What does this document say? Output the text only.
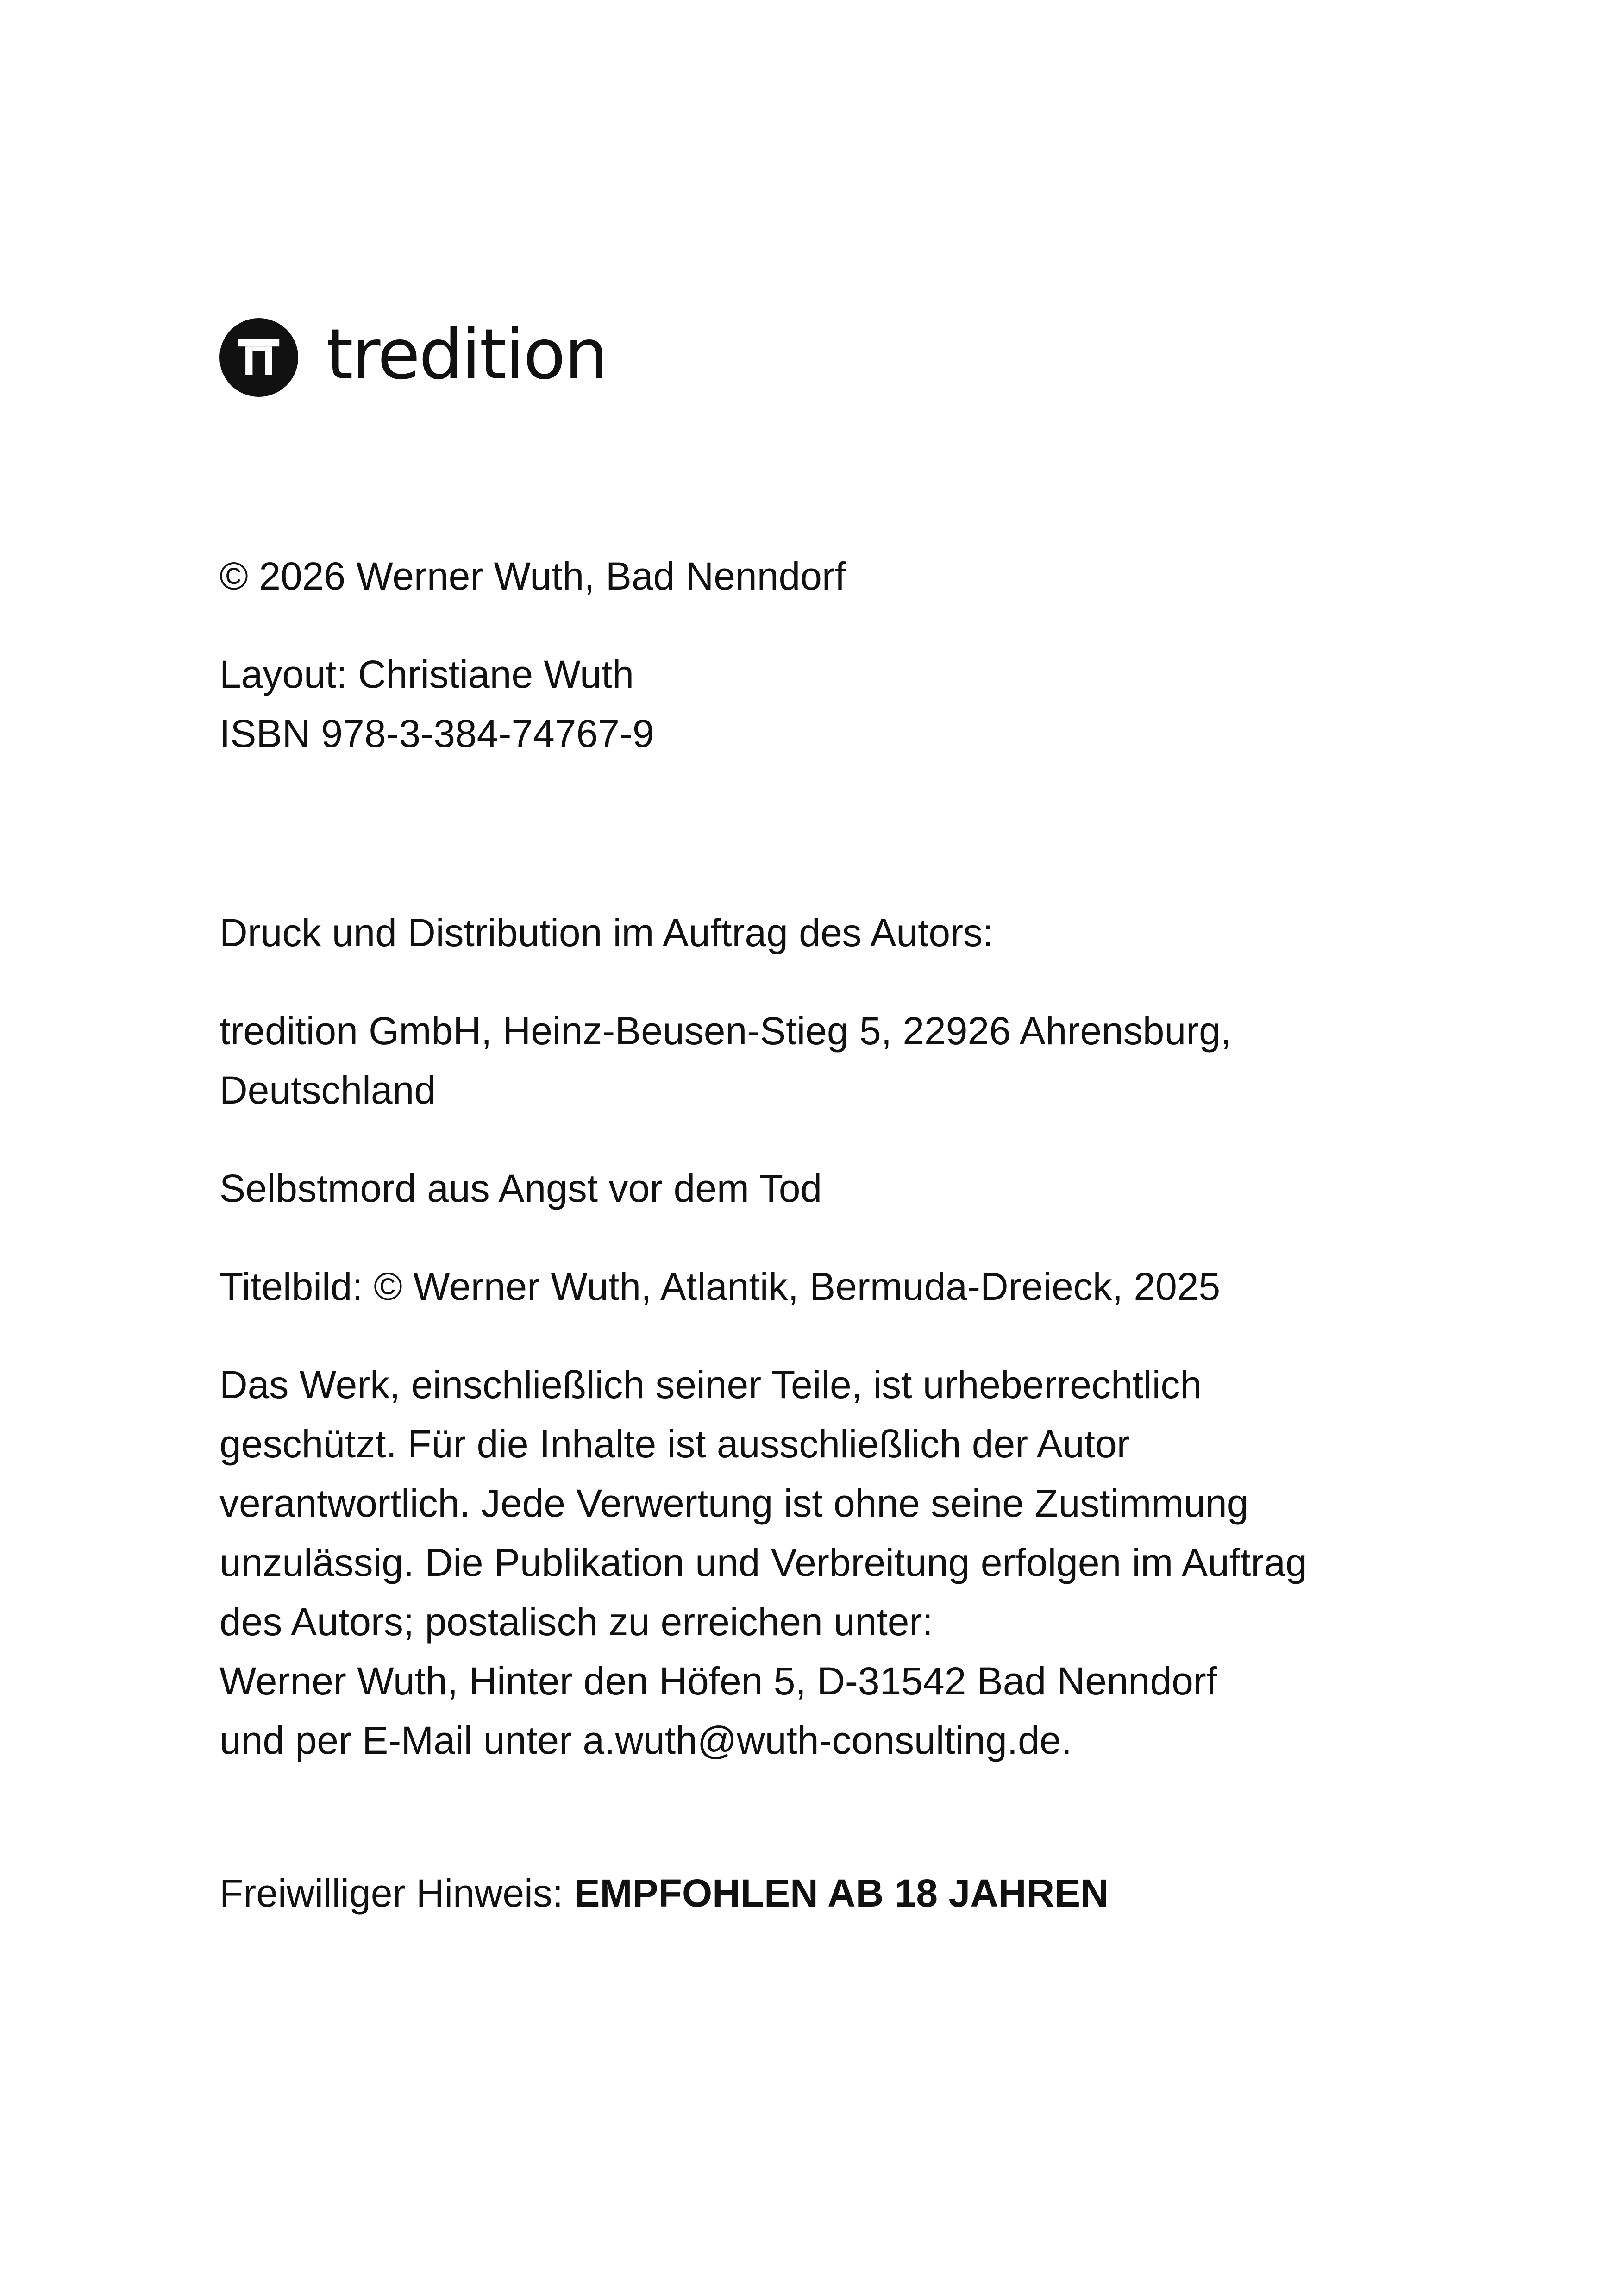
tredition
© 2026 Werner Wuth, Bad Nenndorf
Layout: Christiane Wuth
ISBN 978-3-384-74767-9
Druck und Distribution im Auftrag des Autors:
tredition GmbH, Heinz-Beusen-Stieg 5, 22926 Ahrensburg,
Deutschland
Selbstmord aus Angst vor dem Tod
Titelbild: © Werner Wuth, Atlantik, Bermuda-Dreieck, 2025
Das Werk, einschließlich seiner Teile, ist urheberrechtlich
geschützt. Für die Inhalte ist ausschließlich der Autor
verantwortlich. Jede Verwertung ist ohne seine Zustimmung
unzulässig. Die Publikation und Verbreitung erfolgen im Auftrag
des Autors; postalisch zu erreichen unter:
Werner Wuth, Hinter den Höfen 5, D-31542 Bad Nenndorf
und per E-Mail unter a.wuth@wuth-consulting.de.
Freiwilliger Hinweis: EMPFOHLEN AB 18 JAHREN
